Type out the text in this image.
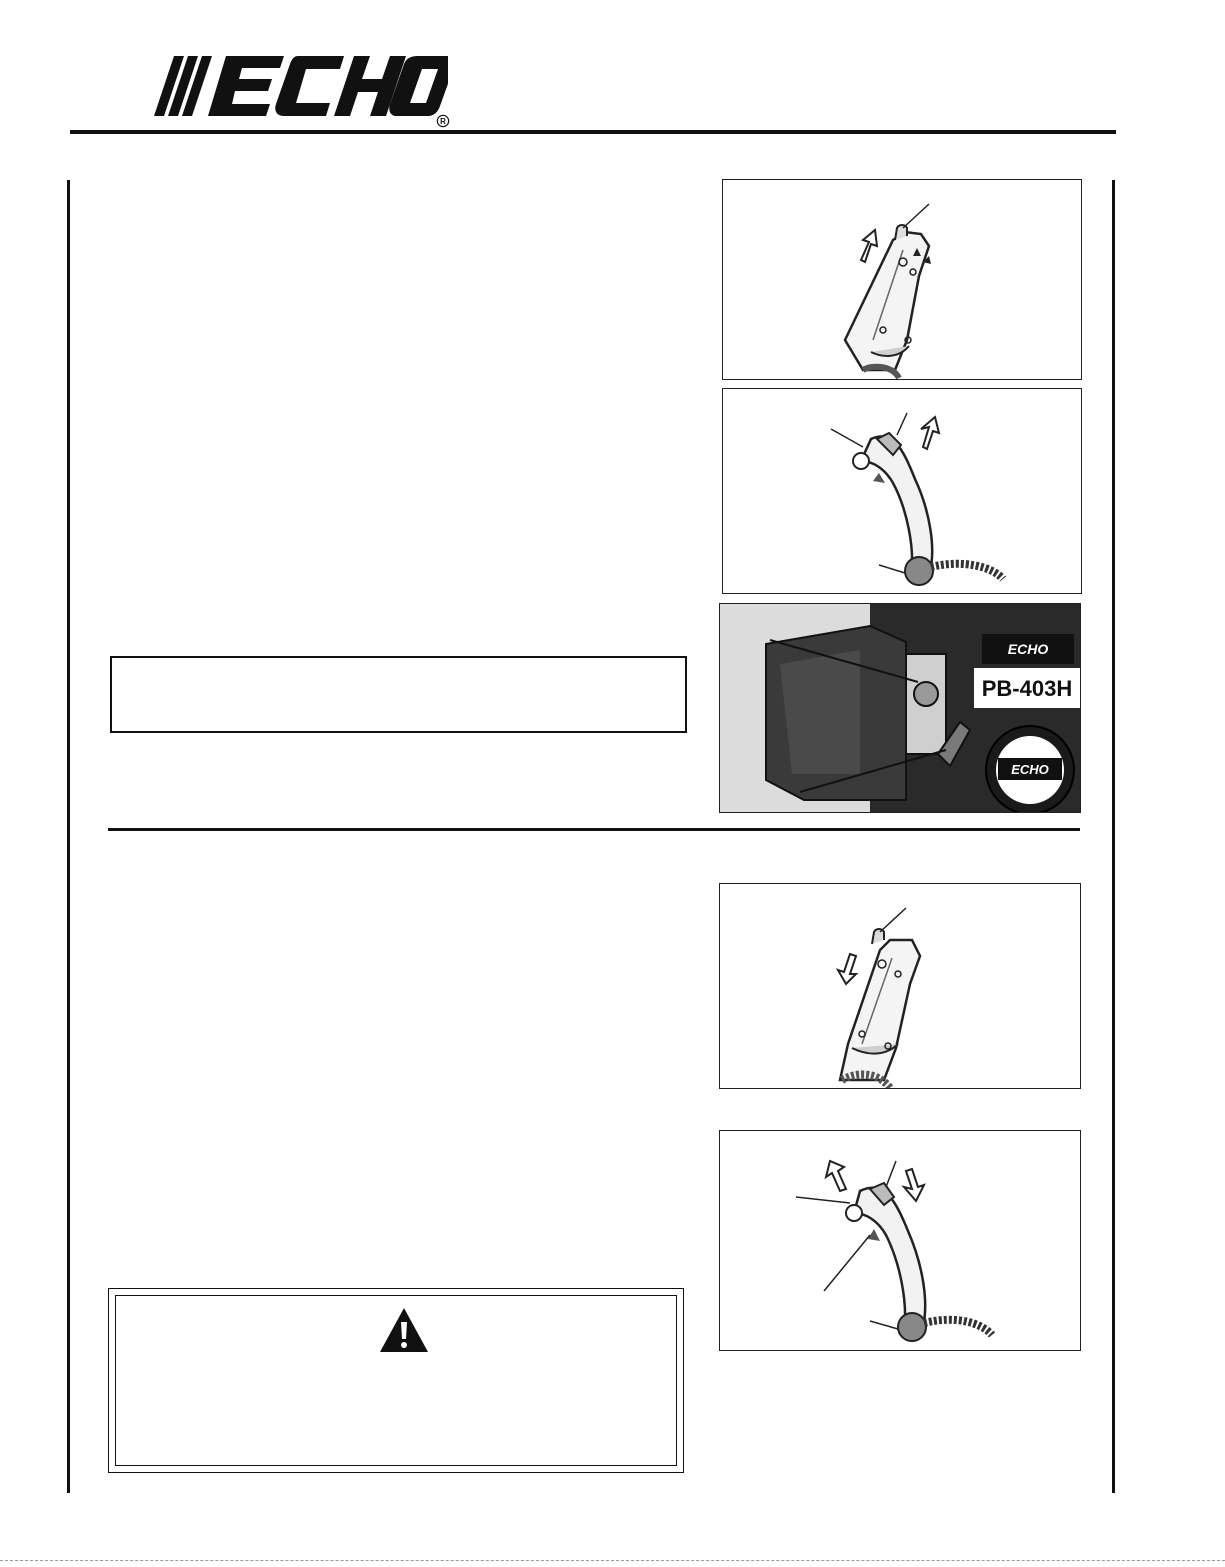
R
ECHO
PB-403H
ECHO
